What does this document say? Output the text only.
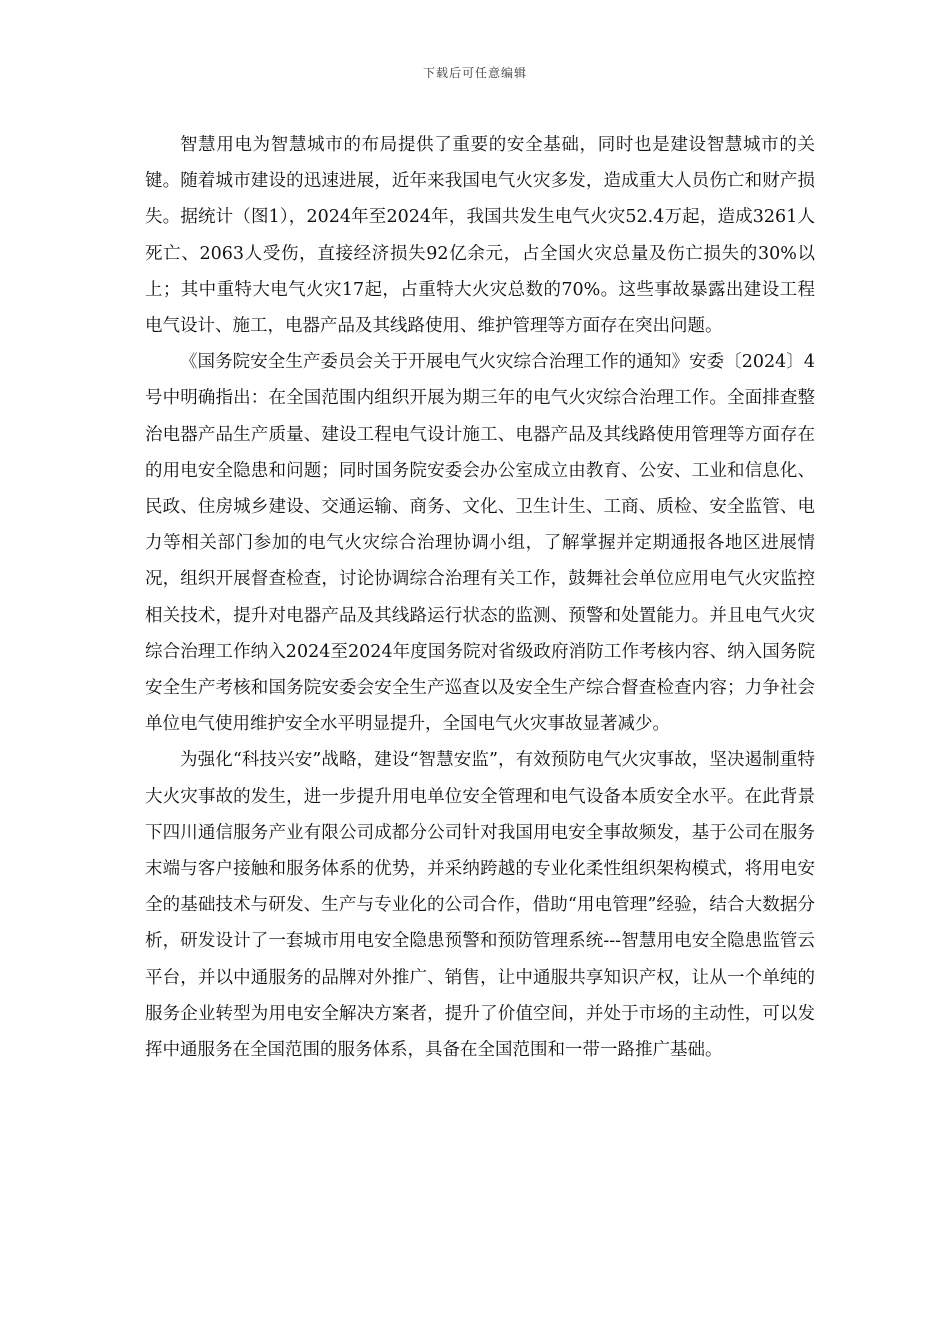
下载后可任意编辑

智慧用电为智慧城市的布局提供了重要的安全基础，同时也是建设智慧城市的关键。随着城市建设的迅速进展，近年来我国电气火灾多发，造成重大人员伤亡和财产损失。据统计（图1），2024年至2024年，我国共发生电气火灾52.4万起，造成3261人死亡、2063人受伤，直接经济损失92亿余元，占全国火灾总量及伤亡损失的30%以上；其中重特大电气火灾17起，占重特大火灾总数的70%。这些事故暴露出建设工程电气设计、施工，电器产品及其线路使用、维护管理等方面存在突出问题。

《国务院安全生产委员会关于开展电气火灾综合治理工作的通知》安委〔2024〕4号中明确指出：在全国范围内组织开展为期三年的电气火灾综合治理工作。全面排查整治电器产品生产质量、建设工程电气设计施工、电器产品及其线路使用管理等方面存在的用电安全隐患和问题；同时国务院安委会办公室成立由教育、公安、工业和信息化、民政、住房城乡建设、交通运输、商务、文化、卫生计生、工商、质检、安全监管、电力等相关部门参加的电气火灾综合治理协调小组，了解掌握并定期通报各地区进展情况，组织开展督查检查，讨论协调综合治理有关工作，鼓舞社会单位应用电气火灾监控相关技术，提升对电器产品及其线路运行状态的监测、预警和处置能力。并且电气火灾综合治理工作纳入2024至2024年度国务院对省级政府消防工作考核内容、纳入国务院安全生产考核和国务院安委会安全生产巡查以及安全生产综合督查检查内容；力争社会单位电气使用维护安全水平明显提升，全国电气火灾事故显著减少。

为强化“科技兴安”战略，建设“智慧安监”，有效预防电气火灾事故，坚决遏制重特大火灾事故的发生，进一步提升用电单位安全管理和电气设备本质安全水平。在此背景下四川通信服务产业有限公司成都分公司针对我国用电安全事故频发，基于公司在服务末端与客户接触和服务体系的优势，并采纳跨越的专业化柔性组织架构模式，将用电安全的基础技术与研发、生产与专业化的公司合作，借助“用电管理”经验，结合大数据分析，研发设计了一套城市用电安全隐患预警和预防管理系统---智慧用电安全隐患监管云平台，并以中通服务的品牌对外推广、销售，让中通服共享知识产权，让从一个单纯的服务企业转型为用电安全解决方案者，提升了价值空间，并处于市场的主动性，可以发挥中通服务在全国范围的服务体系，具备在全国范围和一带一路推广基础。
